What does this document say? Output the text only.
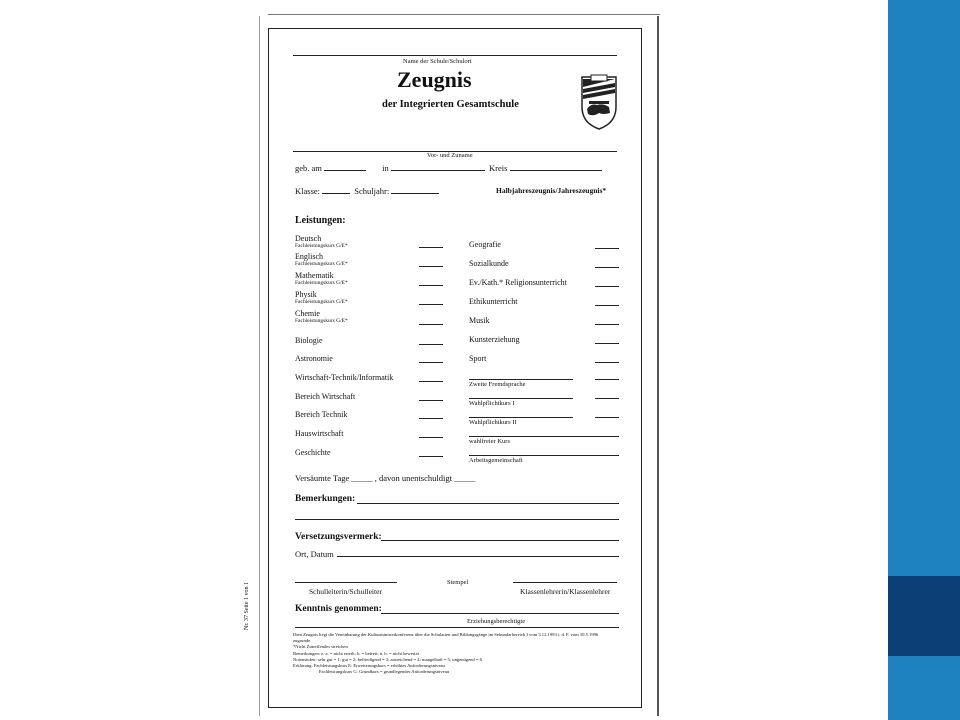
Nr. 37 Seite 1 von 1
Name der Schule/Schulort
Zeugnis
der Integrierten Gesamtschule
Vor- und Zuname
geb. am	in	Kreis
Klasse:	Schuljahr:	Halbjahreszeugnis/Jahreszeugnis*
Leistungen:
Deutsch
Fachleistungskurs G/E*
Englisch
Fachleistungskurs G/E*
Mathematik
Fachleistungskurs G/E*
Physik
Fachleistungskurs G/E*
Chemie
Fachleistungskurs G/E*
Biologie
Astronomie
Wirtschaft-Technik/Informatik
Bereich Wirtschaft
Bereich Technik
Hauswirtschaft
Geschichte
Geografie
Sozialkunde
Ev./Kath.* Religionsunterricht
Ethikunterricht
Musik
Kunsterziehung
Sport
Zweite Fremdsprache
Wahlpflichtkurs I
Wahlpflichtkurs II
wahlfreier Kurs
Arbeitsgemeinschaft
Versäumte Tage _____ , davon unentschuldigt _____
Bemerkungen:
Versetzungsvermerk:
Ort, Datum
Stempel
Schulleiterin/Schulleiter	Klassenlehrerin/Klassenlehrer
Kenntnis genommen:
Erziehungsberechtigte
Dem Zeugnis liegt die Vereinbarung der Kultusministerkonferenz über die Schularten und Bildungsgänge im Sekundarbereich I vom 3.12.1993 i. d. F. vom 10.5.1996
zugrunde.
*Nicht Zutreffendes streichen
Bemerkungen: e. a. = nicht erteilt; b. = befreit; n. b. = nicht bewertet
Notenstufen: sehr gut = 1; gut = 2; befriedigend = 3; ausreichend = 4; mangelhaft = 5; ungenügend = 6
Erklärung: Fachleistungskurs E: Erweiterungskurs = erhöhtes Anforderungsniveau
Fachleistungskurs G: Grundkurs = grundlegendes Anforderungsniveau
